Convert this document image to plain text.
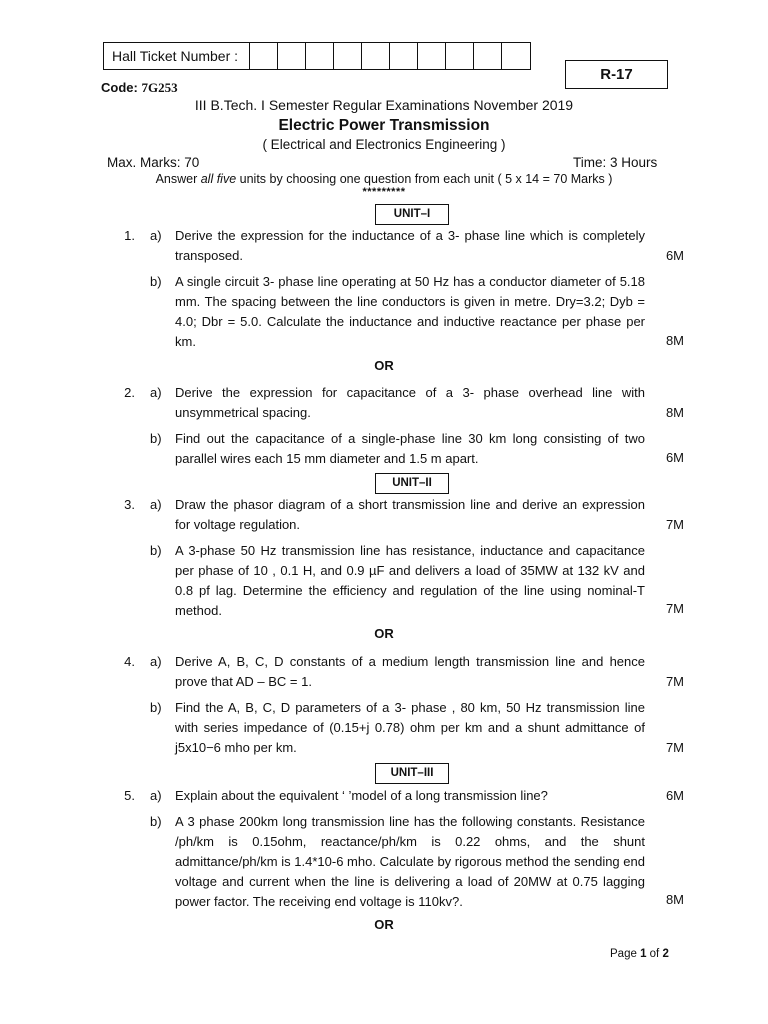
Hall Ticket Number :
R-17
Code: 7G253
III B.Tech. I Semester Regular Examinations November 2019
Electric Power Transmission
( Electrical and Electronics Engineering )
Max. Marks: 70	Time: 3 Hours
Answer all five units by choosing one question from each unit ( 5 x 14 = 70 Marks )
*********
UNIT–I
1. a) Derive the expression for the inductance of a 3- phase line which is completely transposed.	6M
b) A single circuit 3- phase line operating at 50 Hz has a conductor diameter of 5.18 mm. The spacing between the line conductors is given in metre. Dry=3.2; Dyb = 4.0; Dbr = 5.0. Calculate the inductance and inductive reactance per phase per km.	8M
OR
2. a) Derive the expression for capacitance of a 3- phase overhead line with unsymmetrical spacing.	8M
b) Find out the capacitance of a single-phase line 30 km long consisting of two parallel wires each 15 mm diameter and 1.5 m apart.	6M
UNIT–II
3. a) Draw the phasor diagram of a short transmission line and derive an expression for voltage regulation.	7M
b) A 3-phase 50 Hz transmission line has resistance, inductance and capacitance per phase of 10 , 0.1 H, and 0.9 µF and delivers a load of 35MW at 132 kV and 0.8 pf lag. Determine the efficiency and regulation of the line using nominal-T method.	7M
OR
4. a) Derive A, B, C, D constants of a medium length transmission line and hence prove that AD – BC = 1.	7M
b) Find the A, B, C, D parameters of a 3- phase , 80 km, 50 Hz transmission line with series impedance of (0.15+j 0.78) ohm per km and a shunt admittance of j5x10−6 mho per km.	7M
UNIT–III
5. a) Explain about the equivalent ‘ ’model of a long transmission line?	6M
b) A 3 phase 200km long transmission line has the following constants. Resistance /ph/km is 0.15ohm, reactance/ph/km is 0.22 ohms, and the shunt admittance/ph/km is 1.4*10-6 mho. Calculate by rigorous method the sending end voltage and current when the line is delivering a load of 20MW at 0.75 lagging power factor. The receiving end voltage is 110kv?.	8M
OR
Page 1 of 2
